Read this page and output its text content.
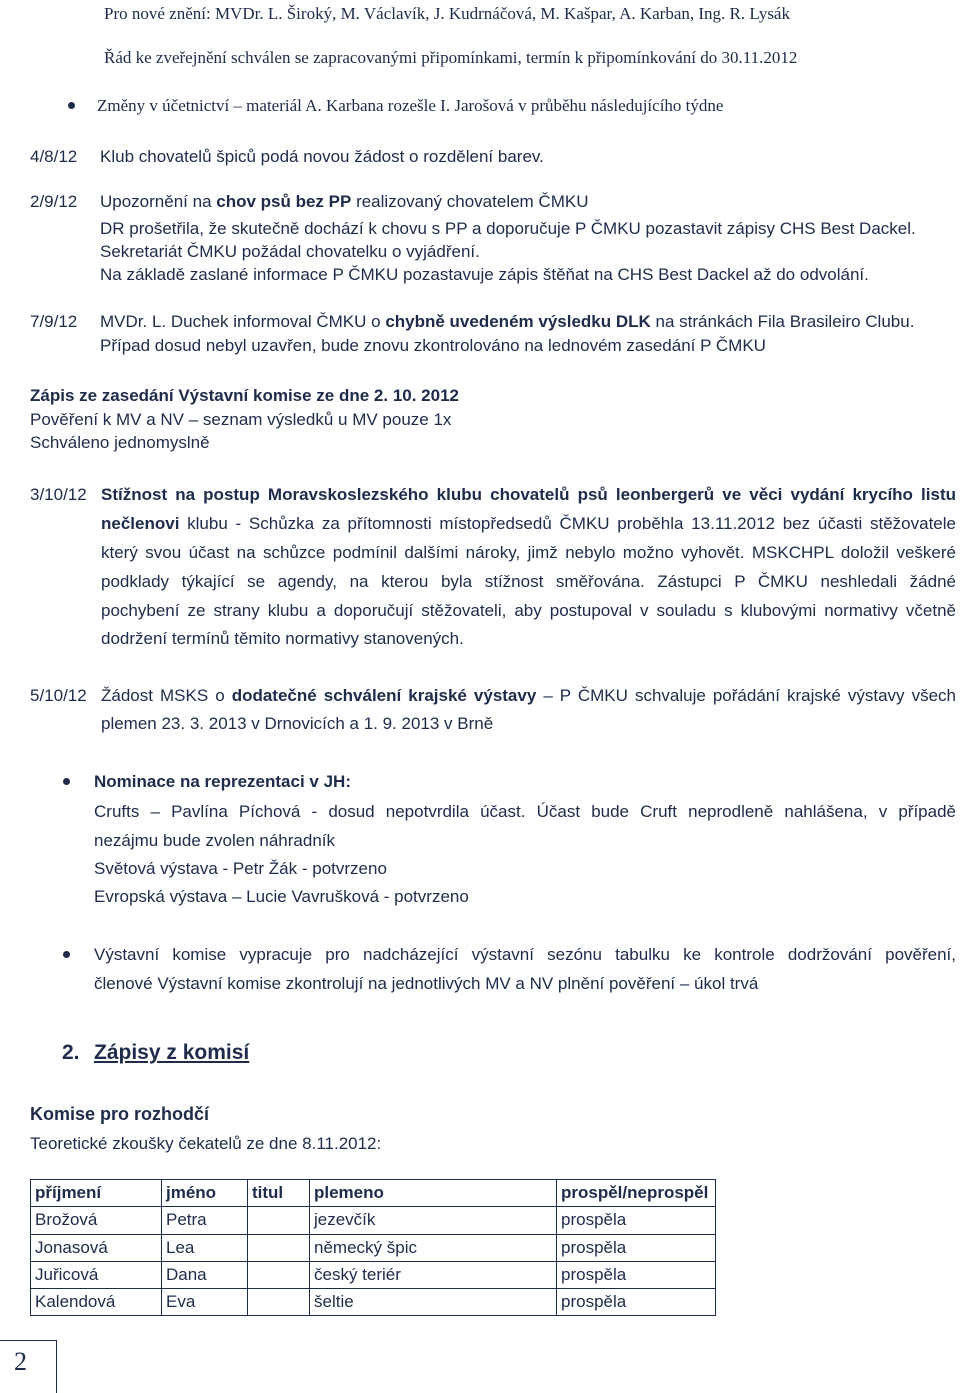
Pro nové znění: MVDr. L. Široký, M. Václavík, J. Kudrnáčová, M. Kašpar, A. Karban, Ing. R. Lysák
Řád ke zveřejnění schválen se zapracovanými připomínkami, termín k připomínkování do 30.11.2012
Změny v účetnictví – materiál A. Karbana rozešle I. Jarošová v průběhu následujícího týdne
4/8/12 Klub chovatelů špiců podá novou žádost o rozdělení barev.
2/9/12 Upozornění na chov psů bez PP realizovaný chovatelem ČMKU
DR prošetřila, že skutečně dochází k chovu s PP a doporučuje P ČMKU pozastavit zápisy CHS Best Dackel.
Sekretariát ČMKU požádal chovatelku o vyjádření.
Na základě zaslané informace P ČMKU pozastavuje zápis štěňat na CHS Best Dackel až do odvolání.
7/9/12 MVDr. L. Duchek informoval ČMKU o chybně uvedeném výsledku DLK na stránkách Fila Brasileiro Clubu.
Případ dosud nebyl uzavřen, bude znovu zkontrolováno na lednovém zasedání P ČMKU
Zápis ze zasedání Výstavní komise ze dne 2. 10. 2012
Pověření k MV a NV – seznam výsledků u MV pouze 1x
Schváleno jednomyslně
3/10/12 Stížnost na postup Moravskoslezského klubu chovatelů psů leonbergerů ve věci vydání krycího listu
nečlenovi klubu - Schůzka za přítomnosti místopředsedů ČMKU proběhla 13.11.2012 bez účasti stěžovatele
který svou účast na schůzce podmínil dalšími nároky, jimž nebylo možno vyhovět. MSKCHPL doložil veškeré
podklady týkající se agendy, na kterou byla stížnost směřována. Zástupci P ČMKU neshledali žádné
pochybení ze strany klubu a doporučují stěžovateli, aby postupoval v souladu s klubovými normativy včetně
dodržení termínů těmito normativy stanovených.
5/10/12 Žádost MSKS o dodatečné schválení krajské výstavy – P ČMKU schvaluje pořádání krajské výstavy všech
plemen 23. 3. 2013 v Drnovicích a 1. 9. 2013 v Brně
Nominace na reprezentaci v JH:
Crufts – Pavlína Píchová - dosud nepotvrdila účast. Účast bude Cruft neprodleně nahlášena, v případě
nezájmu bude zvolen náhradník
Světová výstava - Petr Žák - potvrzeno
Evropská výstava – Lucie Vavrušková - potvrzeno
Výstavní komise vypracuje pro nadcházející výstavní sezónu tabulku ke kontrole dodržování pověření,
členové Výstavní komise zkontrolují na jednotlivých MV a NV plnění pověření – úkol trvá
2. Zápisy z komisí
Komise pro rozhodčí
Teoretické zkoušky čekatelů ze dne 8.11.2012:
příjmení	jméno	titul	plemeno	prospěl/neprospěl
Brožová	Petra		jezevčík	prospěla
Jonasová	Lea		německý špic	prospěla
Juřicová	Dana		český teriér	prospěla
Kalendová	Eva		šeltie	prospěla
2
